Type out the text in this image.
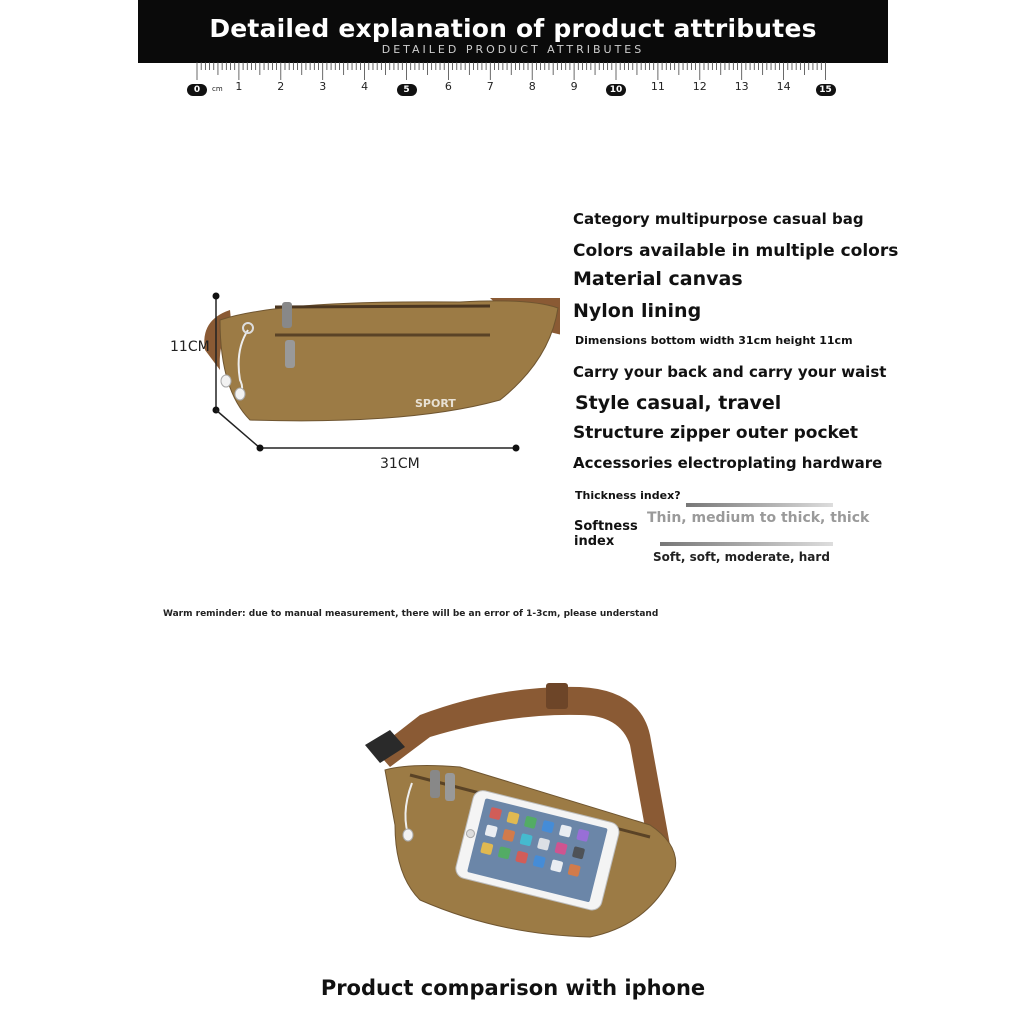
Detailed explanation of product attributes
DETAILED PRODUCT ATTRIBUTES
cm
0	1	2	3	4	5	6	7	8	9	10	11	12	13	14	15
SPORT
11CM
31CM
Category multipurpose casual bag
Colors available in multiple colors
Material canvas
Nylon lining
Dimensions bottom width 31cm height 11cm
Carry your back and carry your waist
Style casual, travel
Structure zipper outer pocket
Accessories electroplating hardware
Thickness index?
Thin, medium to thick, thick
Softness
index
Soft, soft, moderate, hard
Warm reminder: due to manual measurement, there will be an error of 1-3cm, please understand
Product comparison with iphone
